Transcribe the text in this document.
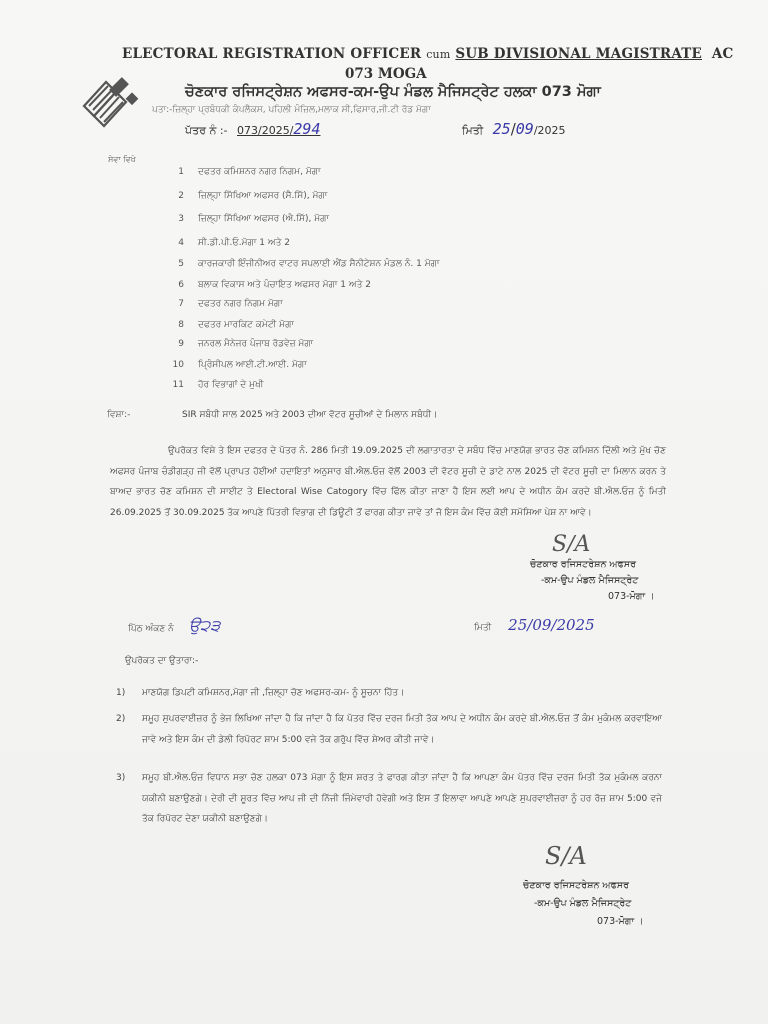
ELECTORAL REGISTRATION OFFICER cum SUB DIVISIONAL MAGISTRATE AC
073 MOGA
ਚੋਣਕਾਰ ਰਜਿਸਟ੍ਰੇਸ਼ਨ ਅਫਸਰ-ਕਮ-ਉਪ ਮੰਡਲ ਮੈਜਿਸਟ੍ਰੇਟ ਹਲਕਾ 073 ਮੋਗਾ
ਪਤਾ:-ਜ਼ਿਲ੍ਹਾ ਪ੍ਰਬੰਧਕੀ ਕੰਪਲੈਕਸ, ਪਹਿਲੀ ਮੰਜ਼ਿਲ,ਮਲਾਕ ਸੀ,ਫਿਸਾਰ,ਜੀ.ਟੀ ਰੋਡ ਮੋਗਾ
ਪੱਤਰ ਨੰ :- 073/2025/294	ਮਿਤੀ 25/09/2025
ਸੇਵਾ ਵਿਖੇ
1 ਦਫਤਰ ਕਮਿਸ਼ਨਰ ਨਗਰ ਨਿਗਮ, ਮੋਗਾ
2 ਜ਼ਿਲ੍ਹਾ ਸਿੱਖਿਆ ਅਫਸਰ (ਸੈ.ਸਿੱ), ਮੋਗਾ
3 ਜ਼ਿਲ੍ਹਾ ਸਿੱਖਿਆ ਅਫਸਰ (ਐ.ਸਿੱ), ਮੋਗਾ
4 ਸੀ.ਡੀ.ਪੀ.ਓ.ਮੋਗਾ 1 ਅਤੇ 2
5 ਕਾਰਜਕਾਰੀ ਇੰਜੀਨੀਅਰ ਵਾਟਰ ਸਪਲਾਈ ਐਂਡ ਸੈਨੀਟੇਸ਼ਨ ਮੰਡਲ ਨੰ. 1 ਮੋਗਾ
6 ਬਲਾਕ ਵਿਕਾਸ ਅਤੇ ਪੰਚਾਇਤ ਅਫਸਰ ਮੋਗਾ 1 ਅਤੇ 2
7 ਦਫਤਰ ਨਗਰ ਨਿਗਮ ਮੋਗਾ
8 ਦਫਤਰ ਮਾਰਕਿਟ ਕਮੇਟੀ ਮੋਗਾ
9 ਜਨਰਲ ਮੈਨੇਜਰ ਪੰਜਾਬ ਰੋਡਵੇਜ਼ ਮੋਗਾ
10 ਪ੍ਰਿੰਸੀਪਲ ਆਈ.ਟੀ.ਆਈ. ਮੋਗਾ
11 ਹੋਰ ਵਿਭਾਗਾਂ ਦੇ ਮੁਖੀ
ਵਿਸ਼ਾ:-	SIR ਸਬੰਧੀ ਸਾਲ 2025 ਅਤੇ 2003 ਦੀਆ ਵੋਟਰ ਸੂਚੀਆਂ ਦੇ ਮਿਲਾਨ ਸਬੰਧੀ।
ਉਪਰੋਕਤ ਵਿਸ਼ੇ ਤੇ ਇਸ ਦਫਤਰ ਦੇ ਪੱਤਰ ਨੰ. 286 ਮਿਤੀ 19.09.2025 ਦੀ ਲਗਾਤਾਰਤਾ ਦੇ ਸਬੰਧ ਵਿੱਚ ਮਾਣਯੋਗ ਭਾਰਤ ਚੋਣ ਕਮਿਸ਼ਨ ਦਿੱਲੀ ਅਤੇ ਮੁੱਖ ਚੋਣ ਅਫਸਰ ਪੰਜਾਬ ਚੰਡੀਗੜ੍ਹ ਜੀ ਵੱਲੋਂ ਪ੍ਰਾਪਤ ਹੋਈਆਂ ਹਦਾਇਤਾਂ ਅਨੁਸਾਰ ਬੀ.ਐਲ.ਓਜ਼ ਵੱਲੋਂ 2003 ਦੀ ਵੋਟਰ ਸੂਚੀ ਦੇ ਡਾਟੇ ਨਾਲ 2025 ਦੀ ਵੋਟਰ ਸੂਚੀ ਦਾ ਮਿਲਾਨ ਕਰਨ ਤੇ ਬਾਅਦ ਭਾਰਤ ਚੋਣ ਕਮਿਸ਼ਨ ਦੀ ਸਾਈਟ ਤੇ Electoral Wise Catogory ਵਿੱਚ ਫਿੱਲ ਕੀਤਾ ਜਾਣਾ ਹੈ ਇਸ ਲਈ ਆਪ ਦੇ ਅਧੀਨ ਕੰਮ ਕਰਦੇ ਬੀ.ਐਲ.ਓਜ਼ ਨੂੰ ਮਿਤੀ 26.09.2025 ਤੋਂ 30.09.2025 ਤੱਕ ਆਪਣੇ ਪਿੱਤਰੀ ਵਿਭਾਗ ਦੀ ਡਿਊਟੀ ਤੋਂ ਫਾਰਗ ਕੀਤਾ ਜਾਵੇ ਤਾਂ ਜੋ ਇਸ ਕੰਮ ਵਿੱਚ ਕੋਈ ਸਮੱਸਿਆ ਪੇਸ਼ ਨਾ ਆਵੇ।
S∕A
ਚੋਣਕਾਰ ਰਜਿਸਟਰੇਸ਼ਨ ਅਫਸਰ
-ਕਮ-ਉਪ ਮੰਡਲ ਮੈਜਿਸਟ੍ਰੇਟ
073-ਮੋਗਾ ।
ਪਿੱਠ ਅੰਕਣ ਨੰ ਉ੨੩	ਮਿਤੀ 25/09/2025
ਉਪਰੋਕਤ ਦਾ ਉਤਾਰਾ:-
1) ਮਾਣਯੋਗ ਡਿਪਟੀ ਕਮਿਸ਼ਨਰ,ਮੋਗਾ ਜੀ ,ਜ਼ਿਲ੍ਹਾ ਚੋਣ ਅਫਸਰ-ਕਮ- ਨੂੰ ਸੂਚਨਾ ਹਿੱਤ।
2) ਸਮੂਹ ਸੁਪਰਵਾਈਜ਼ਰ ਨੂੰ ਭੇਜ ਲਿਖਿਆ ਜਾਂਦਾ ਹੈ ਕਿ ਜਾਂਦਾ ਹੈ ਕਿ ਪੱਤਰ ਵਿੱਚ ਦਰਜ ਮਿਤੀ ਤੱਕ ਆਪ ਦੇ ਅਧੀਨ ਕੰਮ ਕਰਦੇ ਬੀ.ਐਲ.ਓਜ਼ ਤੋਂ ਕੰਮ ਮੁਕੰਮਲ ਕਰਵਾਇਆ ਜਾਵੇ ਅਤੇ ਇਸ ਕੰਮ ਦੀ ਡੇਲੀ ਰਿਪੋਰਟ ਸ਼ਾਮ 5:00 ਵਜੇ ਤੱਕ ਗਰੁੱਪ ਵਿੱਚ ਸ਼ੇਅਰ ਕੀਤੀ ਜਾਵੇ।
3) ਸਮੂਹ ਬੀ.ਐਲ.ਓਜ਼ ਵਿਧਾਨ ਸਭਾ ਚੋਣ ਹਲਕਾ 073 ਮੋਗਾ ਨੂੰ ਇਸ ਸ਼ਰਤ ਤੇ ਫਾਰਗ ਕੀਤਾ ਜਾਂਦਾ ਹੈ ਕਿ ਆਪਣਾ ਕੰਮ ਪੱਤਰ ਵਿੱਚ ਦਰਜ ਮਿਤੀ ਤੱਕ ਮੁਕੰਮਲ ਕਰਨਾ ਯਕੀਨੀ ਬਣਾਉਣਗੇ। ਦੇਰੀ ਦੀ ਸੂਰਤ ਵਿੱਚ ਆਪ ਜੀ ਦੀ ਨਿੱਜੀ ਜਿੰਮੇਵਾਰੀ ਹੋਵੇਗੀ ਅਤੇ ਇਸ ਤੋਂ ਇਲਾਵਾ ਆਪਣੇ ਆਪਣੇ ਸੁਪਰਵਾਈਜ਼ਰਾ ਨੂੰ ਹਰ ਰੋਜ਼ ਸ਼ਾਮ 5:00 ਵਜੇ ਤੱਕ ਰਿਪੋਰਟ ਦੇਣਾ ਯਕੀਨੀ ਬਣਾਉਣਗੇ।
S∕A
ਚੋਣਕਾਰ ਰਜਿਸਟਰੇਸ਼ਨ ਅਫਸਰ
-ਕਮ-ਉਪ ਮੰਡਲ ਮੈਜਿਸਟ੍ਰੇਟ
073-ਮੋਗਾ ।
